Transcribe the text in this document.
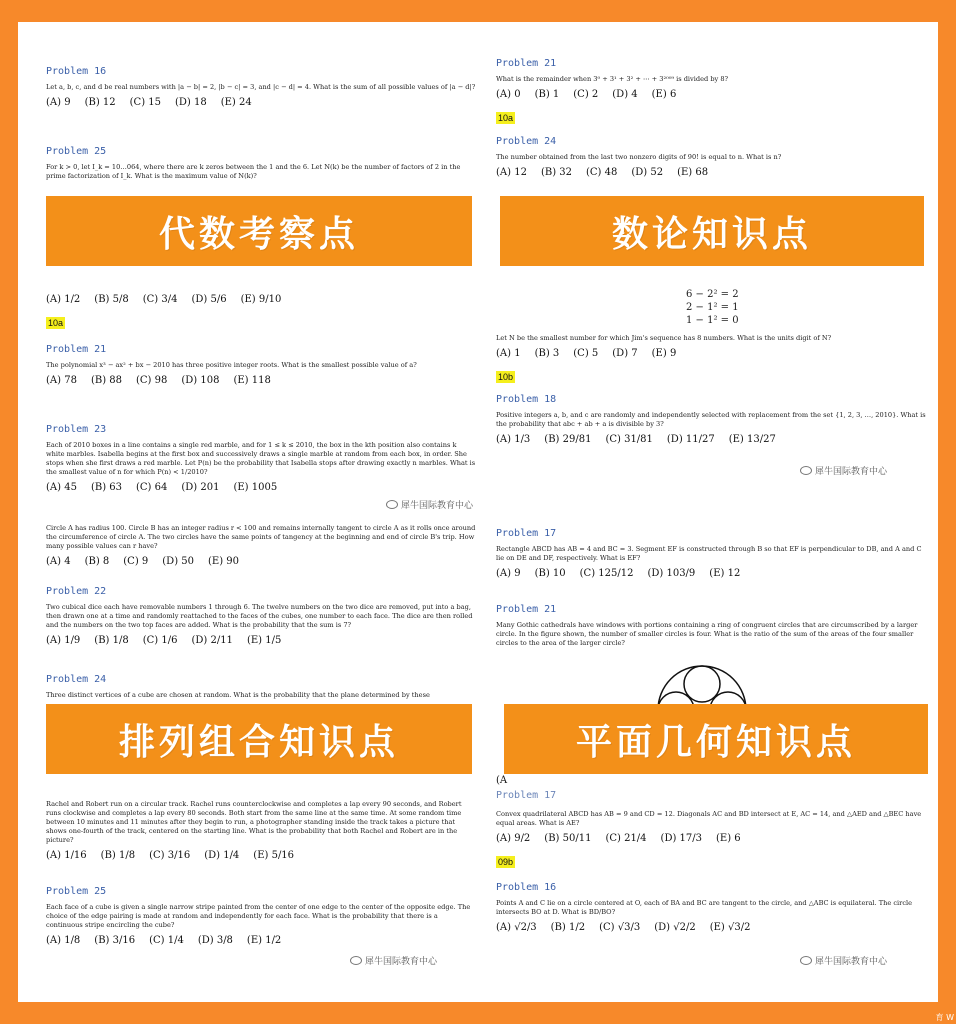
Problem 16
Let a, b, c, and d be real numbers with |a − b| = 2, |b − c| = 3, and |c − d| = 4. What is the sum of all possible values of |a − d|?
(A) 9 (B) 12 (C) 15 (D) 18 (E) 24
Problem 25
For k > 0, let I_k = 10…064, where there are k zeros between the 1 and the 6. Let N(k) be the number of factors of 2 in the prime factorization of I_k. What is the maximum value of N(k)?
(A) 1/2 (B) 5/8 (C) 3/4 (D) 5/6 (E) 9/10
10a
Problem 21
The polynomial x³ − ax² + bx − 2010 has three positive integer roots. What is the smallest possible value of a?
(A) 78 (B) 88 (C) 98 (D) 108 (E) 118
Problem 23
Each of 2010 boxes in a line contains a single red marble, and for 1 ≤ k ≤ 2010, the box in the kth position also contains k white marbles. Isabella begins at the first box and successively draws a single marble at random from each box, in order. She stops when she first draws a red marble. Let P(n) be the probability that Isabella stops after drawing exactly n marbles. What is the smallest value of n for which P(n) < 1/2010?
(A) 45 (B) 63 (C) 64 (D) 201 (E) 1005
Circle A has radius 100. Circle B has an integer radius r < 100 and remains internally tangent to circle A as it rolls once around the circumference of circle A. The two circles have the same points of tangency at the beginning and end of circle B's trip. How many possible values can r have?
(A) 4 (B) 8 (C) 9 (D) 50 (E) 90
Problem 22
Two cubical dice each have removable numbers 1 through 6. The twelve numbers on the two dice are removed, put into a bag, then drawn one at a time and randomly reattached to the faces of the cubes, one number to each face. The dice are then rolled and the numbers on the two top faces are added. What is the probability that the sum is 7?
(A) 1/9 (B) 1/8 (C) 1/6 (D) 2/11 (E) 1/5
Problem 24
Three distinct vertices of a cube are chosen at random. What is the probability that the plane determined by these
Rachel and Robert run on a circular track. Rachel runs counterclockwise and completes a lap every 90 seconds, and Robert runs clockwise and completes a lap every 80 seconds. Both start from the same line at the same time. At some random time between 10 minutes and 11 minutes after they begin to run, a photographer standing inside the track takes a picture that shows one-fourth of the track, centered on the starting line. What is the probability that both Rachel and Robert are in the picture?
(A) 1/16 (B) 1/8 (C) 3/16 (D) 1/4 (E) 5/16
Problem 25
Each face of a cube is given a single narrow stripe painted from the center of one edge to the center of the opposite edge. The choice of the edge pairing is made at random and independently for each face. What is the probability that there is a continuous stripe encircling the cube?
(A) 1/8 (B) 3/16 (C) 1/4 (D) 3/8 (E) 1/2
Problem 21
What is the remainder when 3⁰ + 3¹ + 3² + ⋯ + 3²⁰⁰⁹ is divided by 8?
(A) 0 (B) 1 (C) 2 (D) 4 (E) 6
10a
Problem 24
The number obtained from the last two nonzero digits of 90! is equal to n. What is n?
(A) 12 (B) 32 (C) 48 (D) 52 (E) 68
6 − 2² = 2
2 − 1² = 1
1 − 1² = 0
Let N be the smallest number for which Jim's sequence has 8 numbers. What is the units digit of N?
(A) 1 (B) 3 (C) 5 (D) 7 (E) 9
10b
Problem 18
Positive integers a, b, and c are randomly and independently selected with replacement from the set {1, 2, 3, …, 2010}. What is the probability that abc + ab + a is divisible by 3?
(A) 1/3 (B) 29/81 (C) 31/81 (D) 11/27 (E) 13/27
Problem 17
Rectangle ABCD has AB = 4 and BC = 3. Segment EF is constructed through B so that EF is perpendicular to DB, and A and C lie on DE and DF, respectively. What is EF?
(A) 9 (B) 10 (C) 125/12 (D) 103/9 (E) 12
Problem 21
Many Gothic cathedrals have windows with portions containing a ring of congruent circles that are circumscribed by a larger circle. In the figure shown, the number of smaller circles is four. What is the ratio of the sum of the areas of the four smaller circles to the area of the larger circle?
(A
Problem 17
Convex quadrilateral ABCD has AB = 9 and CD = 12. Diagonals AC and BD intersect at E, AC = 14, and △AED and △BEC have equal areas. What is AE?
(A) 9/2 (B) 50/11 (C) 21/4 (D) 17/3 (E) 6
09b
Problem 16
Points A and C lie on a circle centered at O, each of BA and BC are tangent to the circle, and △ABC is equilateral. The circle intersects BO at D. What is BD/BO?
(A) √2/3 (B) 1/2 (C) √3/3 (D) √2/2 (E) √3/2
代数考察点	数论知识点
排列组合知识点	平面几何知识点
犀牛国际教育中心
犀牛国际教育中心
犀牛国际教育中心	犀牛国际教育中心
育 W
